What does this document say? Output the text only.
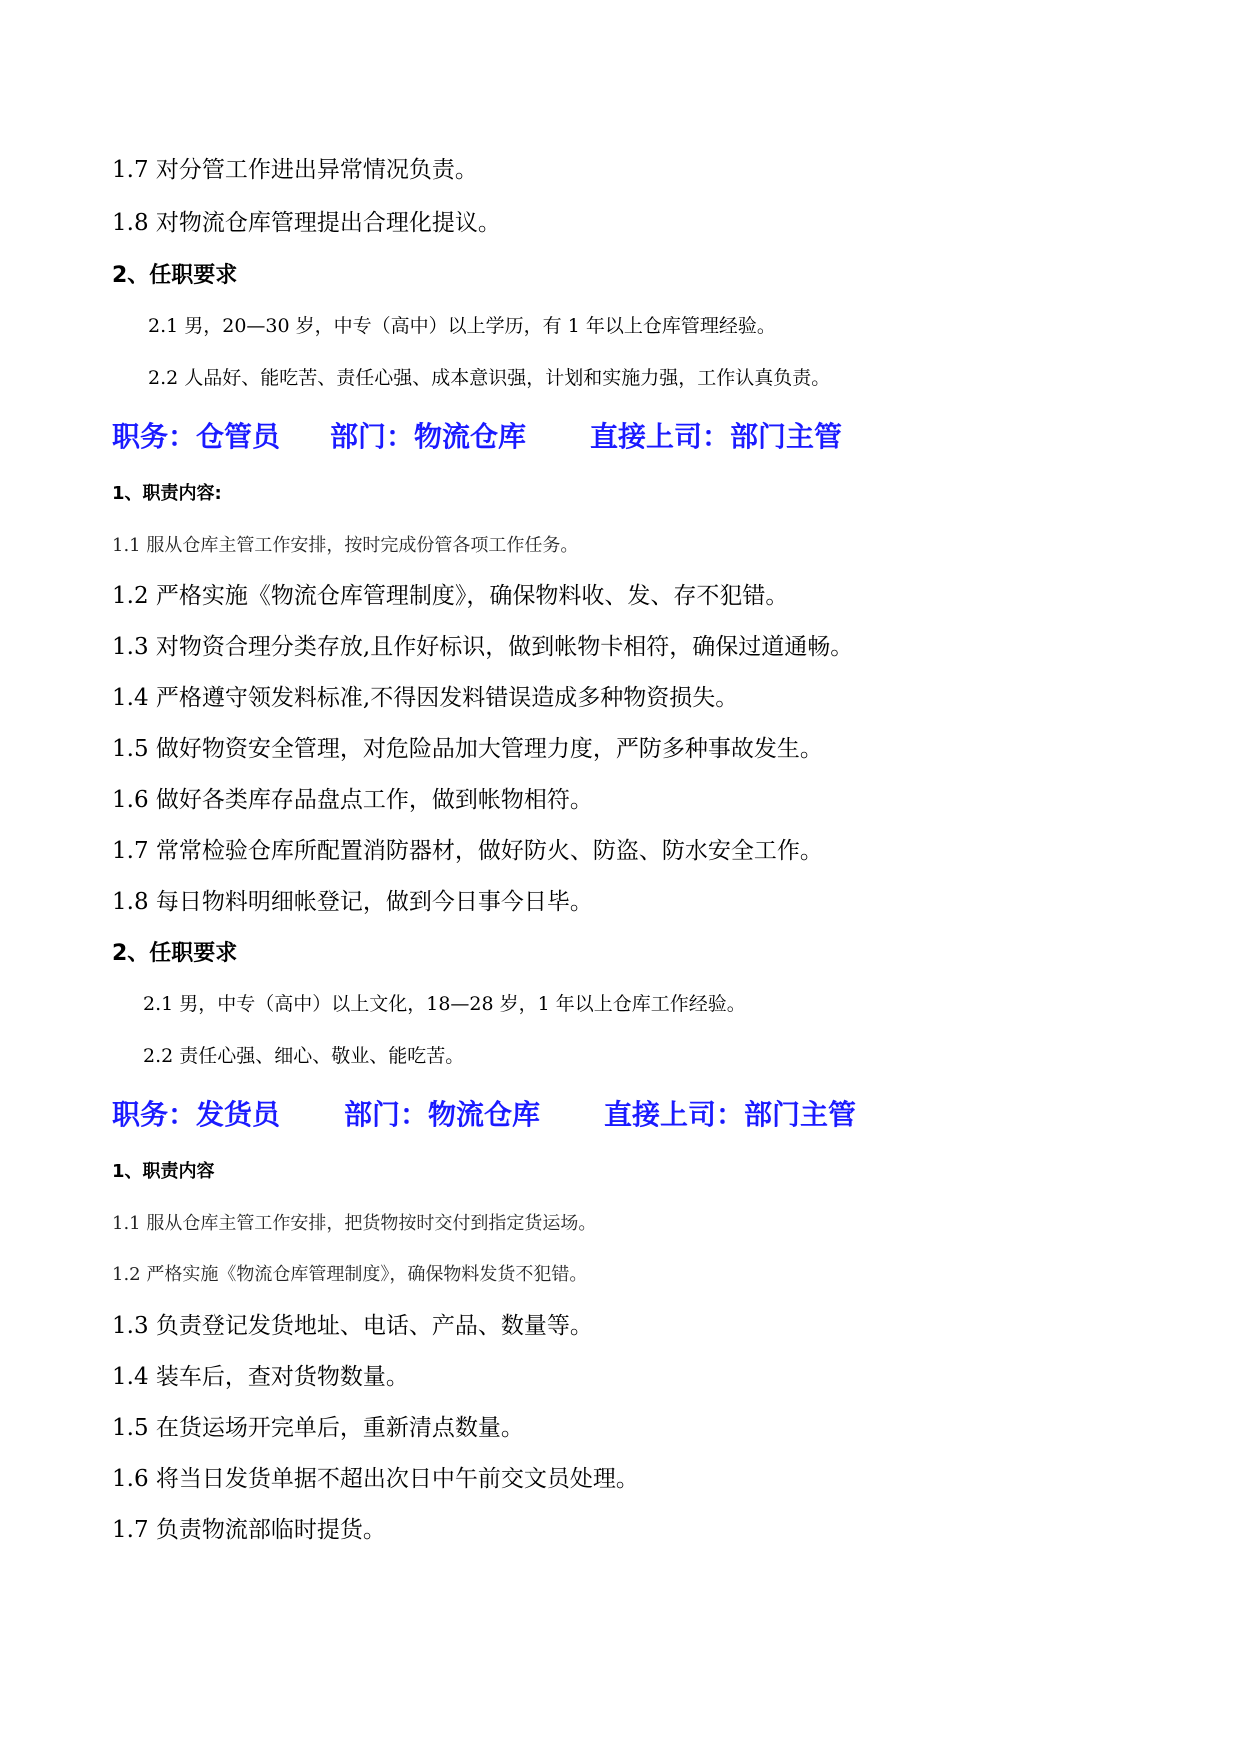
1.7 对分管工作进出异常情况负责。
1.8 对物流仓库管理提出合理化提议。
2、任职要求
2.1 男，20—30 岁，中专（高中）以上学历，有 1 年以上仓库管理经验。
2.2 人品好、能吃苦、责任心强、成本意识强，计划和实施力强，工作认真负责。
职务：仓管员 部门：物流仓库 直接上司：部门主管
1、职责内容:
1.1 服从仓库主管工作安排，按时完成份管各项工作任务。
1.2 严格实施《物流仓库管理制度》，确保物料收、发、存不犯错。
1.3 对物资合理分类存放,且作好标识，做到帐物卡相符，确保过道通畅。
1.4 严格遵守领发料标准,不得因发料错误造成多种物资损失。
1.5 做好物资安全管理，对危险品加大管理力度，严防多种事故发生。
1.6 做好各类库存品盘点工作，做到帐物相符。
1.7 常常检验仓库所配置消防器材，做好防火、防盗、防水安全工作。
1.8 每日物料明细帐登记，做到今日事今日毕。
2、任职要求
2.1 男，中专（高中）以上文化，18—28 岁，1 年以上仓库工作经验。
2.2 责任心强、细心、敬业、能吃苦。
职务：发货员 部门：物流仓库 直接上司：部门主管
1、职责内容
1.1 服从仓库主管工作安排，把货物按时交付到指定货运场。
1.2 严格实施《物流仓库管理制度》，确保物料发货不犯错。
1.3 负责登记发货地址、电话、产品、数量等。
1.4 装车后，查对货物数量。
1.5 在货运场开完单后，重新清点数量。
1.6 将当日发货单据不超出次日中午前交文员处理。
1.7 负责物流部临时提货。
